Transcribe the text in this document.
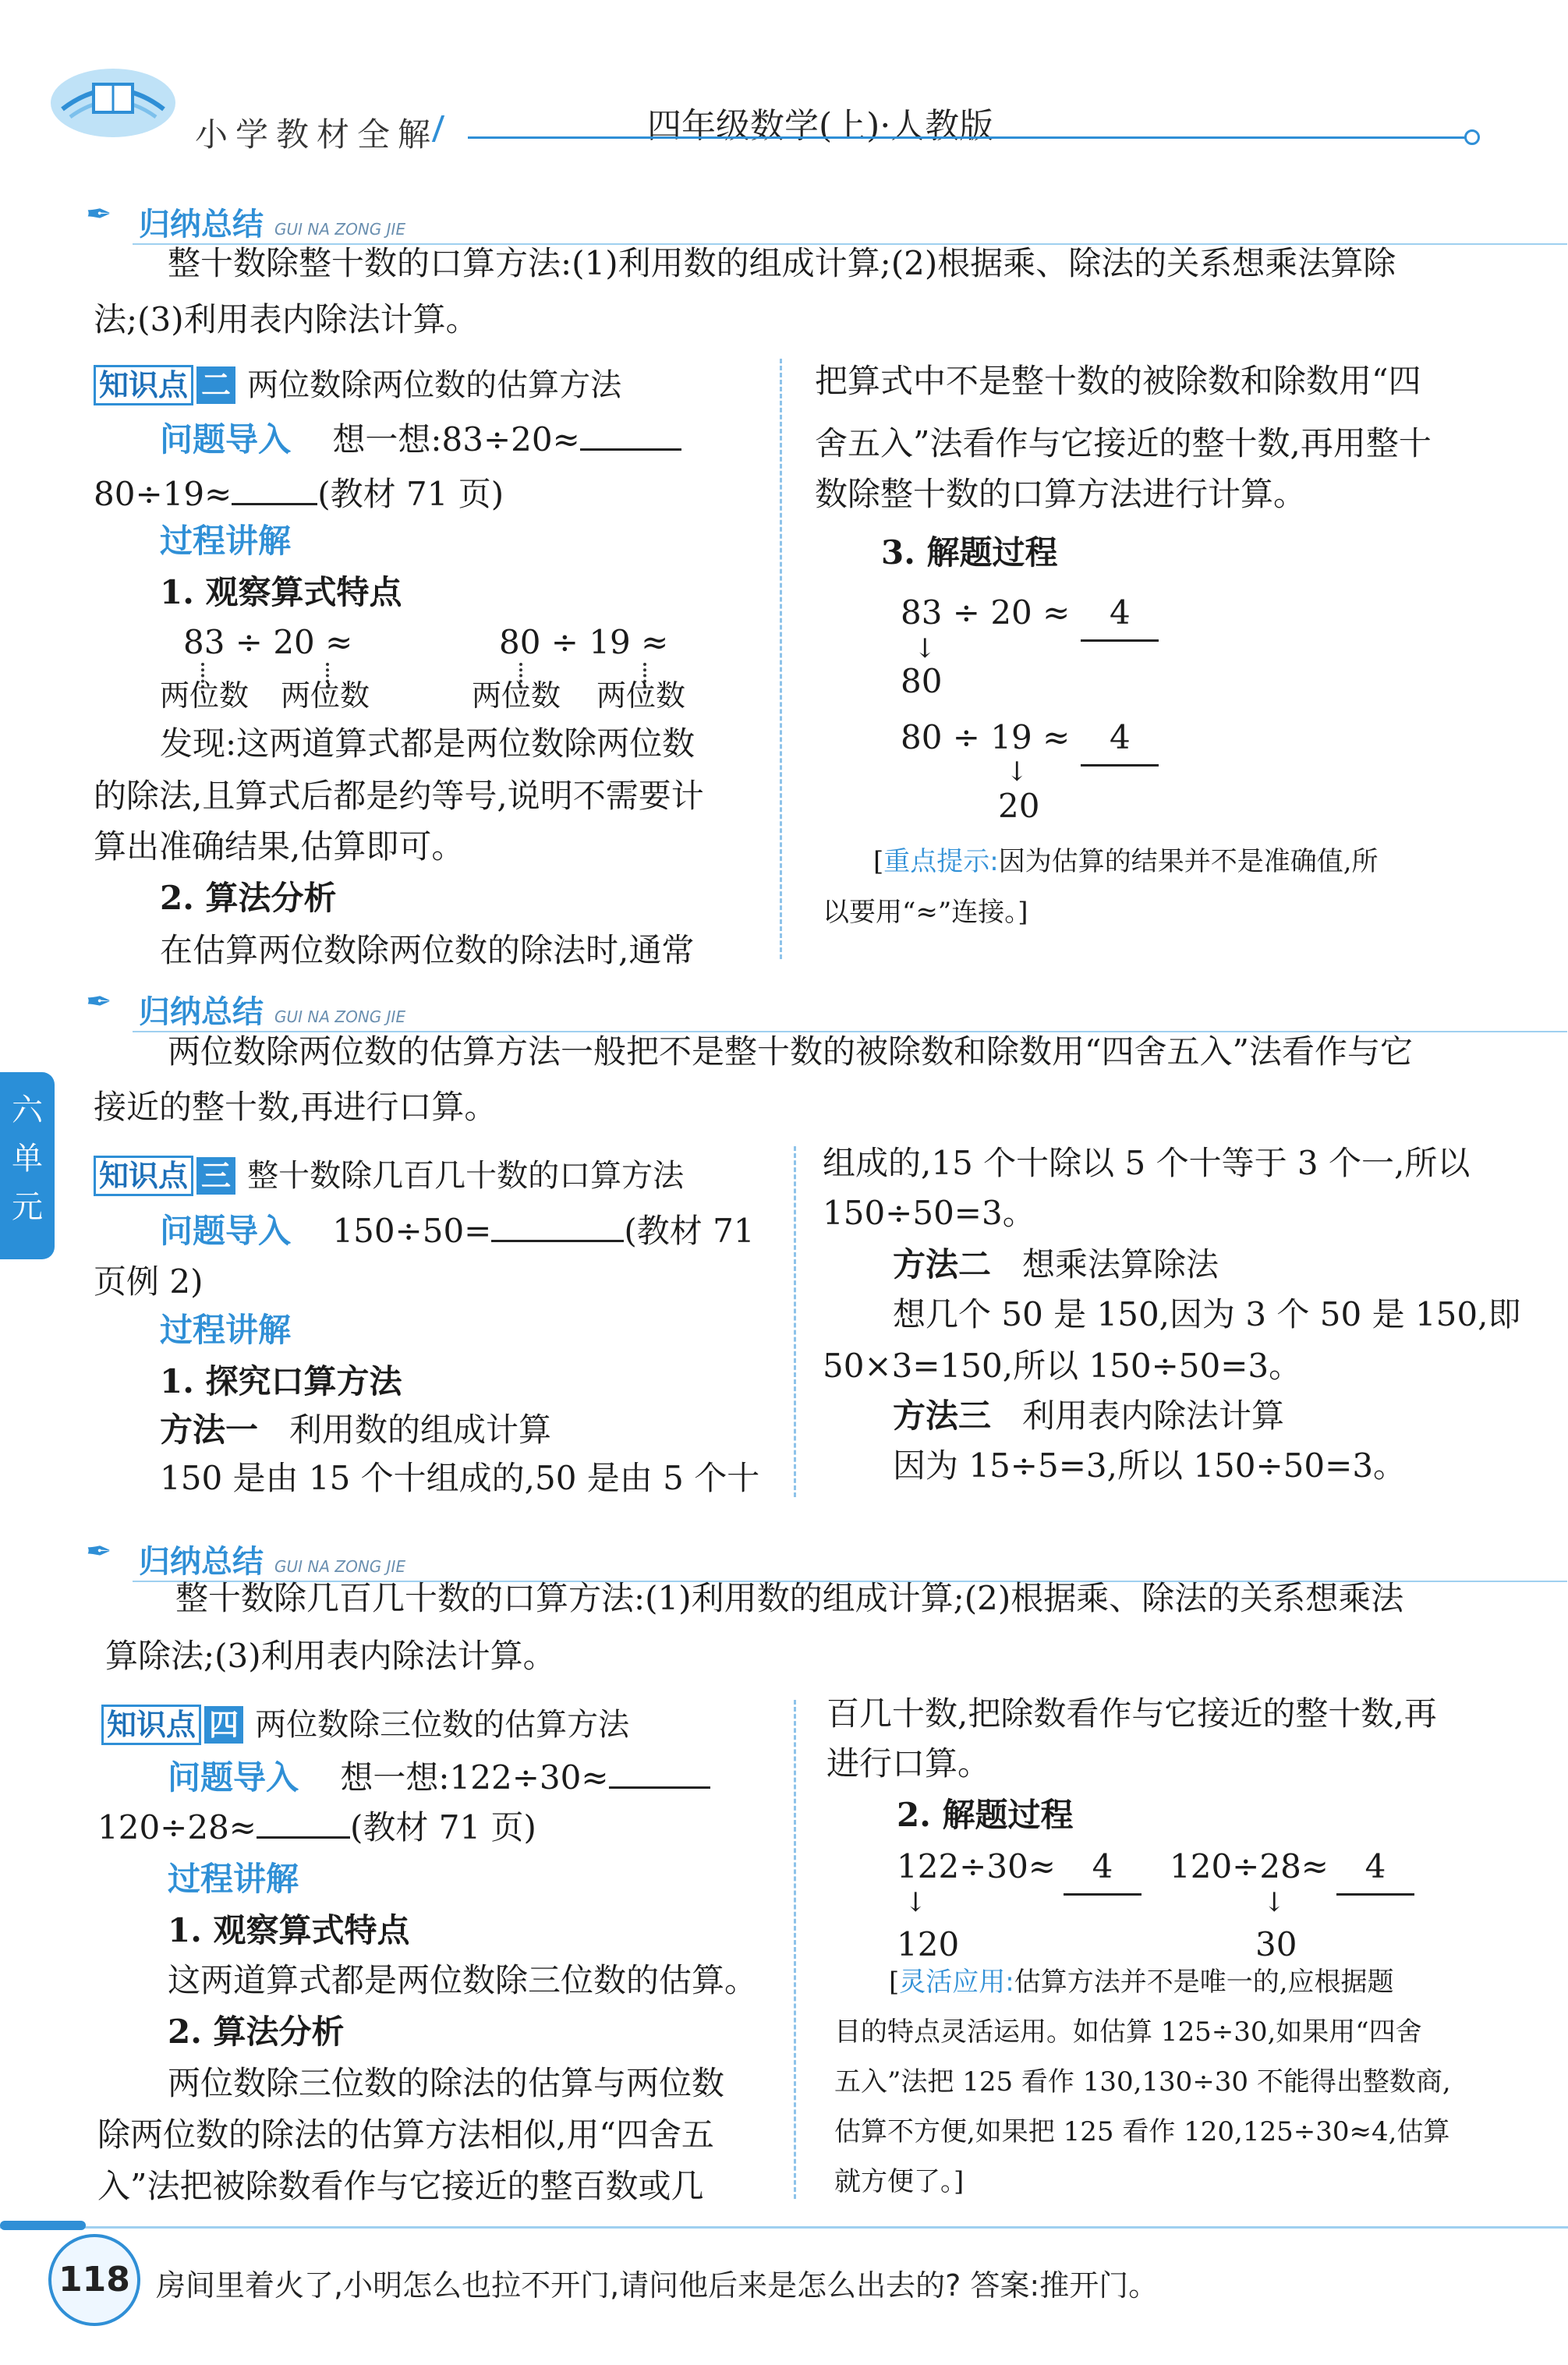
小学教材全解	四年级数学(上)·人教版
✒ 归纳总结 GUI NA ZONG JIE
整十数除整十数的口算方法:(1)利用数的组成计算;(2)根据乘、除法的关系想乘法算除
法;(3)利用表内除法计算。
知识点 二 两位数除两位数的估算方法
问题导入 想一想:83÷20≈
80÷19≈	(教材 71 页)
过程讲解
1. 观察算式特点
83 ÷ 20 ≈	80 ÷ 19 ≈
两位数 两位数	两位数 两位数
发现:这两道算式都是两位数除两位数
的除法,且算式后都是约等号,说明不需要计
算出准确结果,估算即可。
2. 算法分析
在估算两位数除两位数的除法时,通常
把算式中不是整十数的被除数和除数用“四
舍五入”法看作与它接近的整十数,再用整十
数除整十数的口算方法进行计算。
3. 解题过程
83 ÷ 20 ≈ 4
↓
80
80 ÷ 19 ≈ 4
↓
20
[重点提示:因为估算的结果并不是准确值,所
以要用“≈”连接。]
✒ 归纳总结 GUI NA ZONG JIE
两位数除两位数的估算方法一般把不是整十数的被除数和除数用“四舍五入”法看作与它
接近的整十数,再进行口算。
六
单
元
知识点 三 整十数除几百几十数的口算方法
问题导入 150÷50=	(教材 71
页例 2)
过程讲解
1. 探究口算方法
方法一 利用数的组成计算
150 是由 15 个十组成的,50 是由 5 个十
组成的,15 个十除以 5 个十等于 3 个一,所以
150÷50=3。
方法二 想乘法算除法
想几个 50 是 150,因为 3 个 50 是 150,即
50×3=150,所以 150÷50=3。
方法三 利用表内除法计算
因为 15÷5=3,所以 150÷50=3。
✒ 归纳总结 GUI NA ZONG JIE
整十数除几百几十数的口算方法:(1)利用数的组成计算;(2)根据乘、除法的关系想乘法
算除法;(3)利用表内除法计算。
知识点 四 两位数除三位数的估算方法
问题导入 想一想:122÷30≈
120÷28≈	(教材 71 页)
过程讲解
1. 观察算式特点
这两道算式都是两位数除三位数的估算。
2. 算法分析
两位数除三位数的除法的估算与两位数
除两位数的除法的估算方法相似,用“四舍五
入”法把被除数看作与它接近的整百数或几
百几十数,把除数看作与它接近的整十数,再
进行口算。
2. 解题过程
122÷30≈ 4
↓
120
120÷28≈ 4
↓
30
[灵活应用:估算方法并不是唯一的,应根据题
目的特点灵活运用。如估算 125÷30,如果用“四舍
五入”法把 125 看作 130,130÷30 不能得出整数商,
估算不方便,如果把 125 看作 120,125÷30≈4,估算
就方便了。]
118 房间里着火了,小明怎么也拉不开门,请问他后来是怎么出去的? 答案:推开门。
